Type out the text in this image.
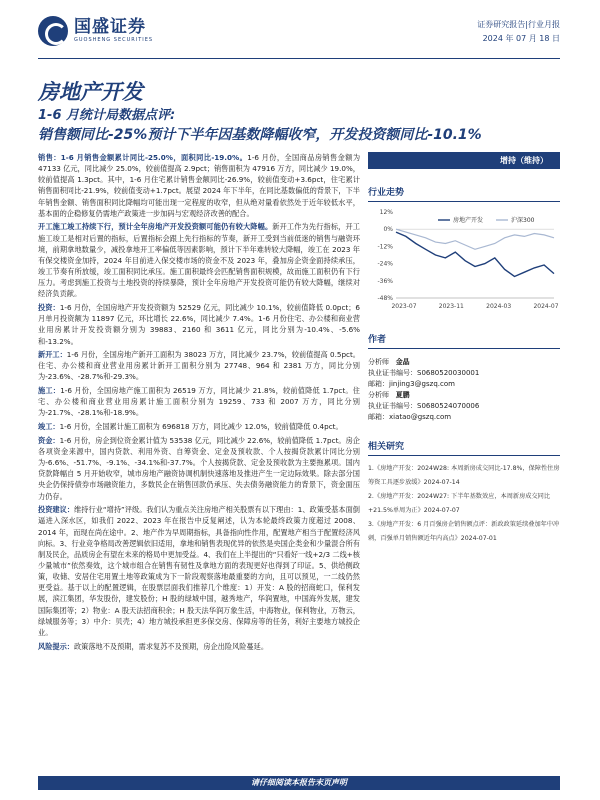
国盛证券
GUOSHENG SECURITIES
证券研究报告|行业月报
2024 年 07 月 18 日
房地产开发
1-6 月统计局数据点评:
销售额同比-25%预计下半年因基数降幅收窄，开发投资额同比-10.1%

销售：1-6 月销售金额累计同比-25.0%，面积同比-19.0%。1-6 月份，全国商品房销售金额为 47133 亿元，同比减少 25.0%，较前值提高 2.9pct；销售面积为 47916 万方，同比减少 19.0%，较前值提高 1.3pct。其中，1-6 月住宅累计销售金额同比-26.9%，较前值变动+3.6pct，住宅累计销售面积同比-21.9%，较前值变动+1.7pct。展望 2024 年下半年，在同比基数偏低的背景下，下半年销售金额、销售面积同比降幅均可能出现一定程度的收窄，但从绝对量看依然处于近年较低水平，基本面的企稳修复仍需地产政策进一步加码与宏观经济改善的配合。

开工施工竣工持续下行，预计全年房地产开发投资额可能仍有较大降幅。新开工作为先行指标，开工施工竣工是相对后置的指标，后置指标会跟上先行指标的节奏，新开工受到当前低迷的销售与融资环境，前期拿地数量少，减投拿地开工率偏低等因素影响，预计下半年难转较大降幅，竣工在 2023 年有保交楼资金加持，2024 年目前进入保交楼市场的资金不及 2023 年，叠加房企资金面持续承压，竣工节奏有所放缓，竣工面积同比承压。施工面积最终会匹配销售面积规模，故而施工面积仍有下行压力。考虑到施工投资与土地投资的持续暴降，预计全年房地产开发投资可能仍有较大降幅，继续对经济负贡献。

投资：1-6 月份，全国房地产开发投资额为 52529 亿元，同比减少 10.1%，较前值降低 0.0pct；6 月单月投资额为 11897 亿元，环比增长 22.6%，同比减少 7.4%。1-6 月份住宅、办公楼和商业营业用房累计开发投资额分别为 39883、2160 和 3611 亿元，同比分别为-10.4%、-5.6%和-13.2%。

新开工：1-6 月份，全国房地产新开工面积为 38023 万方，同比减少 23.7%，较前值提高 0.5pct。住宅、办公楼和商业营业用房累计新开工面积分别为 27748、964 和 2381 万方，同比分别为-23.6%、-28.7%和-29.3%。

施工：1-6 月份，全国房地产施工面积为 26519 万方，同比减少 21.8%，较前值降低 1.7pct。住宅、办公楼和商业营业用房累计施工面积分别为 19259、733 和 2007 万方，同比分别为-21.7%、-28.1%和-18.9%。

竣工：1-6 月份，全国累计施工面积为 696818 万方，同比减少 12.0%，较前值降低 0.4pct。

资金：1-6 月份，房企到位资金累计值为 53538 亿元，同比减少 22.6%，较前值降低 1.7pct。房企各项资金来源中，国内贷款、利用外资、自筹资金、定金及预收款、个人按揭贷款累计同比分别为-6.6%、-51.7%、-9.1%、-34.1%和-37.7%。个人按揭贷款、定金及预收款为主要拖累项。国内贷款降幅自 5 月开始收窄，城市房地产融资协调机制快速落地及推进产生一定边际效果。除去部分国央企仍保持债券市场融资能力，多数民企在销售回款仍承压、失去债务融资能力的背景下，资金面压力仍存。

投资建议：维持行业“增持”评级。我们认为重点关注房地产相关股票有以下理由：1、政策受基本面倒逼进入深水区，如我们 2022、2023 年在报告中反复阐述，认为本轮最终政策力度超过 2008、2014 年，而现在尚在途中。2、地产作为早周期指标，具备指向性作用，配置地产相当于配置经济风向标。3、行业竞争格局改善逻辑依旧适用，拿地和销售表现优异的依然是央国企类金和少量混合所有制及民企，品质房企有望在未来的格局中更加受益。4、我们在上半提出的“只看好一线+2/3 二线+核少量城市”依然奏效，这个城市组合在销售有韧性及拿地方面的表现更好也得到了印证。5、供给侧政策，收储、安居住宅用置土地等政策成为下一阶段观察落地最重要的方向，且可以预见，一二线仍然更受益。基于以上的配置逻辑，在股票层面我们推荐几个维度：1）开发：A 股的招商蛇口，保利发展，滨江集团，华发股份，建发股份；H 股的绿城中国，越秀地产，华润置地，中国海外发展，建发国际集团等；2）物业：A 股天法招商积余；H 股天法华润万象生活，中海物业，保利物业，万物云，绿城服务等；3）中介：贝壳；4）地方城投承担更多保交房、保障房等的任务，利好主要地方城投企业。

风险提示：政策落地不及预期，需求复苏不及预期，房企出险风险蔓延。

增持（维持）
行业走势
12%
0%
-12%
-24%
-36%
-48%
2023-07	2023-11	2024-03	2024-07
房地产开发	沪深300
作者
分析师 金晶
执业证书编号：S0680520030001
邮箱：jinjing3@gszq.com
分析师 夏鹏
执业证书编号：S0680524070006
邮箱：xiatao@gszq.com
相关研究
1.《房地产开发：2024W28: 本周新房成交同比-17.8%，保障性住房筹资工具逐步放缓》2024-07-14
2.《房地产开发：2024W27: 下半年基数效应，本周新房成交同比+21.5%单周为正》2024-07-07
3.《房地产开发：6 月百强房企销售额点评：新政政策延续叠加年中冲刺，百强单月销售额近年内高点》2024-07-01
请仔细阅读本报告末页声明
